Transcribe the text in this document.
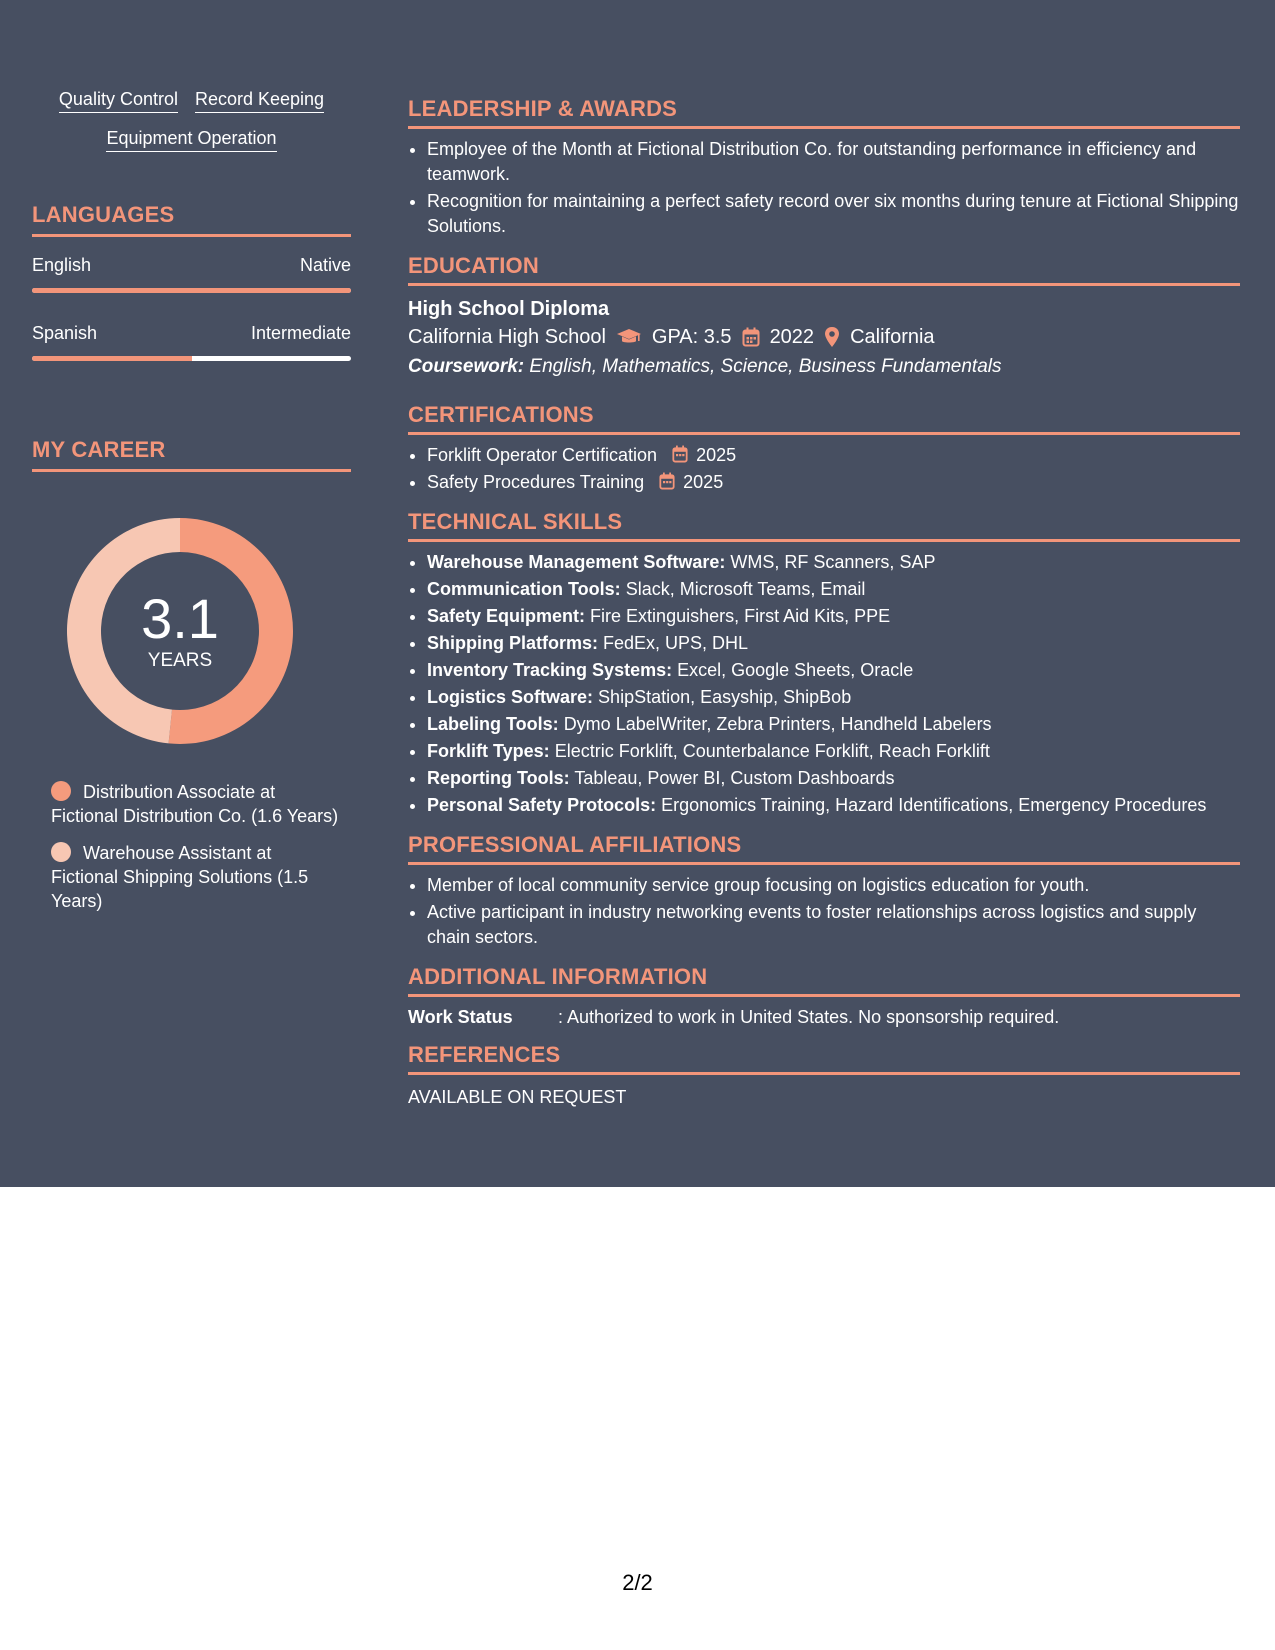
Quality Control Record Keeping
Equipment Operation
LANGUAGES
English	Native
Spanish	Intermediate
MY CAREER
3.1
YEARS
Distribution Associate at Fictional Distribution Co. (1.6 Years)
Warehouse Assistant at Fictional Shipping Solutions (1.5 Years)
LEADERSHIP & AWARDS
• Employee of the Month at Fictional Distribution Co. for outstanding performance in efficiency and teamwork.
• Recognition for maintaining a perfect safety record over six months during tenure at Fictional Shipping Solutions.
EDUCATION
High School Diploma
California High School GPA: 3.5 2022 California
Coursework: English, Mathematics, Science, Business Fundamentals
CERTIFICATIONS
• Forklift Operator Certification 2025
• Safety Procedures Training 2025
TECHNICAL SKILLS
• Warehouse Management Software: WMS, RF Scanners, SAP
• Communication Tools: Slack, Microsoft Teams, Email
• Safety Equipment: Fire Extinguishers, First Aid Kits, PPE
• Shipping Platforms: FedEx, UPS, DHL
• Inventory Tracking Systems: Excel, Google Sheets, Oracle
• Logistics Software: ShipStation, Easyship, ShipBob
• Labeling Tools: Dymo LabelWriter, Zebra Printers, Handheld Labelers
• Forklift Types: Electric Forklift, Counterbalance Forklift, Reach Forklift
• Reporting Tools: Tableau, Power BI, Custom Dashboards
• Personal Safety Protocols: Ergonomics Training, Hazard Identifications, Emergency Procedures
PROFESSIONAL AFFILIATIONS
• Member of local community service group focusing on logistics education for youth.
• Active participant in industry networking events to foster relationships across logistics and supply chain sectors.
ADDITIONAL INFORMATION
Work Status	: Authorized to work in United States. No sponsorship required.
REFERENCES
AVAILABLE ON REQUEST
2/2
